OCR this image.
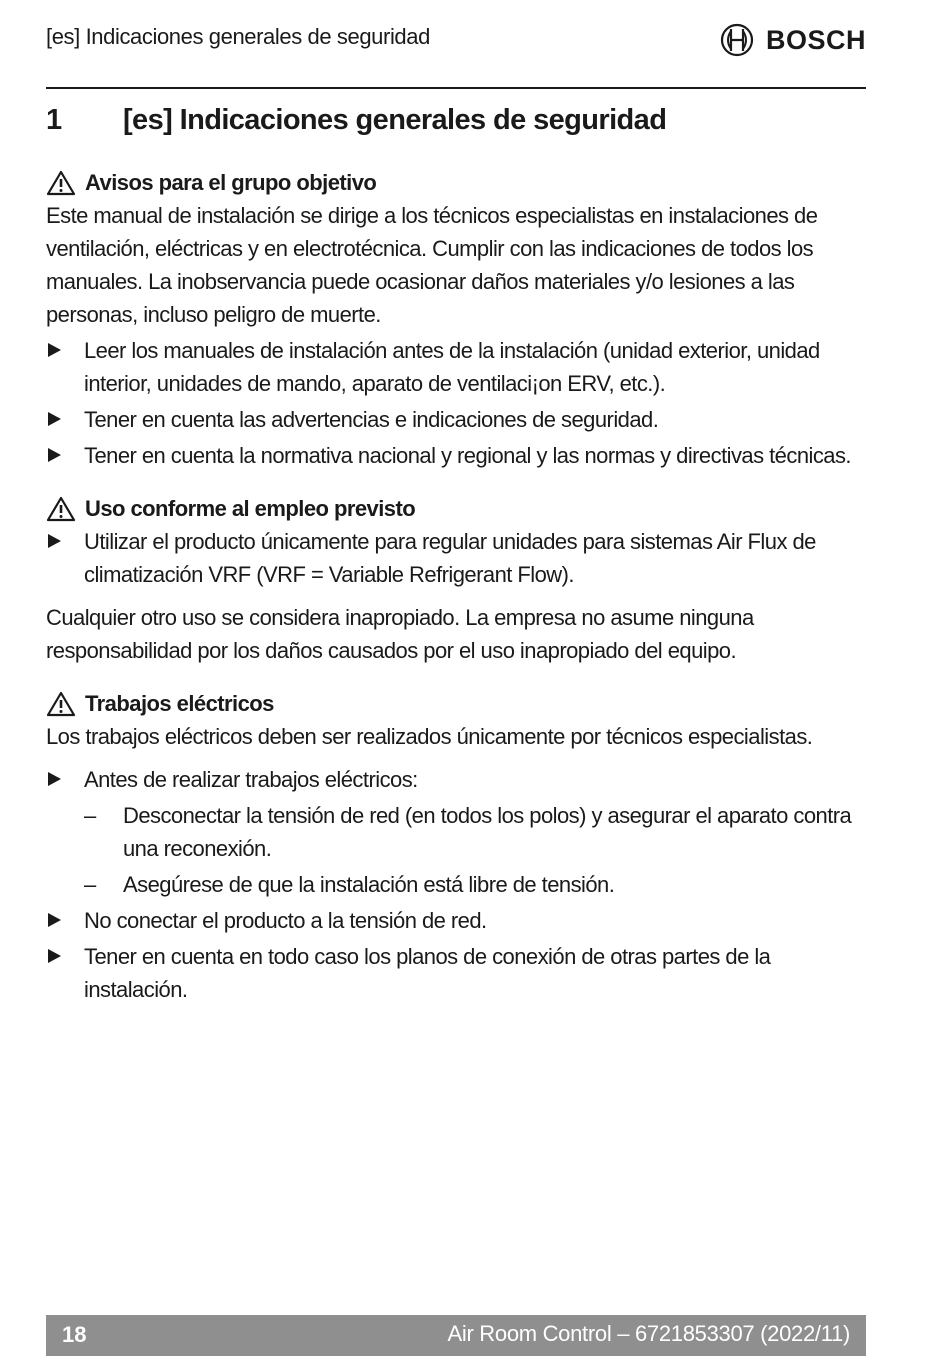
[es] Indicaciones generales de seguridad	BOSCH
1 [es] Indicaciones generales de seguridad
Avisos para el grupo objetivo

Este manual de instalación se dirige a los técnicos especialistas en instalaciones de ventilación, eléctricas y en electrotécnica. Cumplir con las indicaciones de todos los manuales. La inobservancia puede ocasionar daños materiales y/o lesiones a las personas, incluso peligro de muerte.

Leer los manuales de instalación antes de la instalación (unidad exterior, unidad interior, unidades de mando, aparato de ventilaci¡on ERV, etc.).
Tener en cuenta las advertencias e indicaciones de seguridad.
Tener en cuenta la normativa nacional y regional y las normas y directivas técnicas.
Uso conforme al empleo previsto
Utilizar el producto únicamente para regular unidades para sistemas Air Flux de climatización VRF (VRF = Variable Refrigerant Flow).

Cualquier otro uso se considera inapropiado. La empresa no asume ninguna responsabilidad por los daños causados por el uso inapropiado del equipo.

Trabajos eléctricos

Los trabajos eléctricos deben ser realizados únicamente por técnicos especialistas.

Antes de realizar trabajos eléctricos:
– Desconectar la tensión de red (en todos los polos) y asegurar el aparato contra una reconexión.
– Asegúrese de que la instalación está libre de tensión.
No conectar el producto a la tensión de red.
Tener en cuenta en todo caso los planos de conexión de otras partes de la instalación.
18	Air Room Control – 6721853307 (2022/11)
